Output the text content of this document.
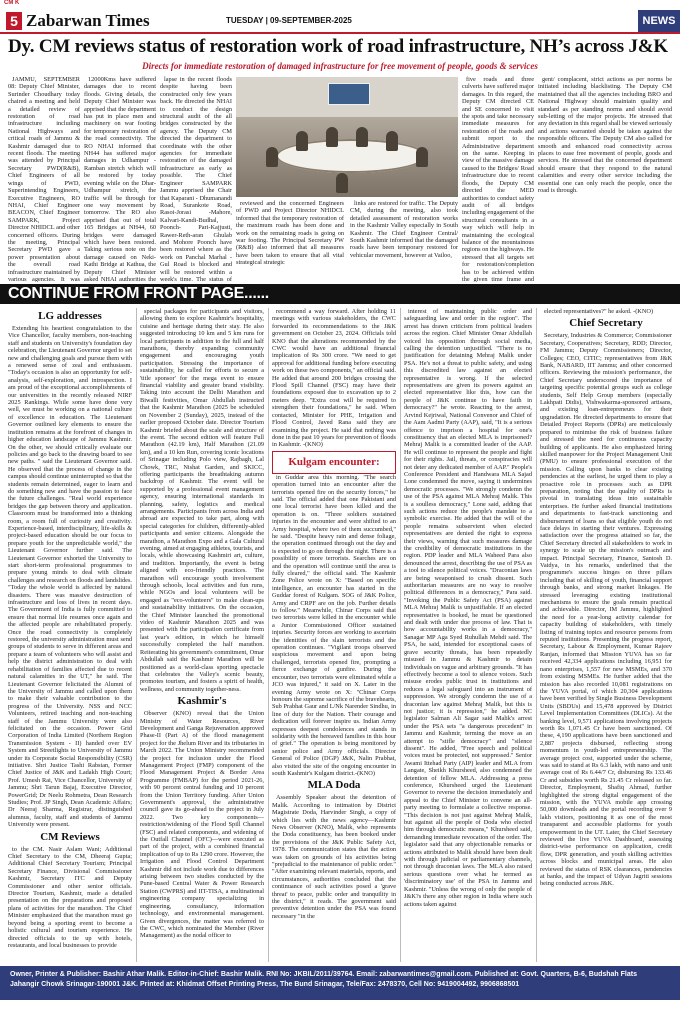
CM K
5 Zabarwan Times	TUESDAY | 09-SEPTEMBER-2025	NEWS
Dy. CM reviews status of restoration work of road infrastructure, NH’s across J&K
Directs for immediate restoration of damaged infrastructure for free movement of people, goods & services

JAMMU, SEPTEMBER 08: Deputy Chief Minister, Surinder Choudhary today chaired a meeting and held a detailed review of restoration of road infrastructure including National Highways and critical roads of Jammu & Kashmir damaged due to recent floods. The meeting was attended by Principal Secretary PWD(R&B), Chief Engineers of all wings of PWD, Superintending Engineers, Executive Engineers, RO NHAI, Chief Engineer BEACON, Chief Engineer SAMPARK, Project Director NHIDCL and other concerned officers. During the meeting, Principal Secretary PWD gave a power presentation about the overall road infrastructure maintained by various agencies. It was

12000Kms have suffered damages due to recent floods. Giving details, the Deputy Chief Minister was apprised that the department has put in place men and machinery on war footing for temporary restoration of the road connectivity. The RO NHAI informed that NH44 has suffered major damages in Udhampur - Ramban stretch which will be restored by today evening while on the Dhar- Udhampur stretch, the traffic will be through for one way movement by tomorrow. The RO also apprised that out of total 165 Bridges at NH44, 60 bridges were damaged which have been restored. Taking serious note on the damage caused on Neki-Kathi Bridge at Kathua, the Deputy Chief Minister asked NHAI authorities the

lapse in the recent floods despite having been constructed only few years back. He directed the NHAI to conduct the design structural audit of the all bridges constructed by the agency. The Deputy CM directed the department to coordinate with the other agencies for immediate restoration of the damaged infrastructure as early as possible. The Chief Engineer SAMPARK Jammu apprised the Chair that Kaparani - Dhumanandi Road, Surankote Road, Rasoi-Jorasi -Mahore, Kalvari-Kandi-Budhal, Poonch- Pari-Kajjusti, Rawer-Reth-aran Ghulab and Mohore Poonch have been restored where as the work on Panchal Marhal - Gul Road is blocked and will be restored within a week's time. The status of

reviewed and the concerned Engineers of PWD and Project Director NHIDCL informed that the temporary restoration of the maximum roads has been done and work on the remaining roads is going on war footing. The Principal Secretary PW (R&B) also informed that all measures have been taken to ensure that all vital strategical strategic

links are restored for traffic. The Deputy CM, during the meeting, also took detailed assessment of restoration works in the Kashmir Valley especially in South Kashmir. The Chief Engineer Central/ South Kashmir informed that the damaged roads have been temporary restored for vehicular movement, however at Vailoo,

five roads and three culverts have suffered major damages. In this regard, the Deputy CM directed CE and SE concerned to visit the spots and take necessary immediate measures for restoration of the roads and submit report to the Administrative department on the same. Keeping in view of the massive damage caused to the Bridges/ Road infrastructure due to recent floods, the Deputy CM directed the MED authorities to conduct safety audit of all bridges including engagement of the structural consultants in a way which will help in maintaining the ecological balance of the mountainous regions on the highways. He stressed that all targets set for restoration/completion has to be achieved within the given time frame and

gent/ complacent, strict actions as per norms be initiated including blacklisting. The Deputy CM maintained that all the agencies including BRO and National Highway should maintain quality and standard as per standing norms and should avoid sub-letting of the major projects. He stressed that any deviation in this regard shall be viewed seriously and actions warranted should be taken against the responsible officers. The Deputy CM also called for smooth and enhanced road connectivity across places to ease free movement of people, goods and services. He stressed that the concerned department should ensure that they respond to the natural calamities and every other service including the essential one can only reach the people, once the road is through.

CONTINUE FROM FRONT PAGE......
LG addresses

Extending his heartiest congratulation to the Vice Chancellor, faculty members, non-teaching staff and students on University's foundation day celebration, the Lieutenant Governor urged to set new and challenging goals and pursue them with a renewed sense of zeal and enthusiasm. "Today's occasion is also an opportunity for self-analysis, self-exploration, and introspection. I am proud of the exceptional accomplishments of our universities in the recently released NIRF 2025 Rankings. While some have done very well, we must be working on a national culture of excellence in education. The Lieutenant Governor outlined key elements to ensure the institution remains at the forefront of changes in higher education landscape of Jammu Kashmir. On the other, we should critically evaluate our policies and go back to the drawing board to see new paths. " said the Lieutenant Governor said. He observed that the process of change in the campus should continue uninterrupted so that the students remain determined, eager to learn and do something new and have the passion to face the future challenges. "Real world experience bridges the gap between theory and application. Classroom must be transformed into a thinking room, a room full of curiosity and creativity. Experience-based, interdisciplinary, life-skills & project-based education should be our focus to prepare youth for the unpredictable world," the Lieutenant Governor further said. The Lieutenant Governor exhorted the University to start short-term professional programmes to prepare young minds to deal with climate challenges and research on floods and landslides. "Today the whole world is affected by natural disasters. There was massive destruction of infrastructure and loss of lives in recent days. The Government of India is fully committed to ensure that normal life resumes once again and the affected people are rehabilitated properly. Once the road connectivity is completely restored, the university administration must send groups of students to serve in different areas and prepare a team of volunteers who will assist and help the district administration to deal with rehabilitation of families affected due to recent natural calamities in the UT," he said. The Lieutenant Governor felicitated the Alumni of the University of Jammu and called upon them to make their valuable contribution to the progress of the University. NSS and NCC Volunteers, retired teaching and non-teaching staff of the Jammu University were also felicitated on the occasion. Power Grid Corporation of India Limited (Northern Region Transmission System - II) handed over EV System and Streetlights to University of Jammu under its Corporate Social Responsibility (CSR) initiative. Shri Justice Tashi Rabstan, Former Chief Justice of J&K and Ladakh High Court; Prof. Umesh Rai, Vice Chancellor, University of Jammu; Shri Tarun Bajaj, Executive Director, PowerGrid; Dr Neelu Rohmetra, Dean Research Studies; Prof. JP Singh, Dean Academic Affairs; Dr Neeraj Sharma, Registrar, distinguished alumnus, faculty, staff and students of Jammu University were present.

CM Reviews

to the CM. Nasir Aslam Wani; Additional Chief Secretary to the CM, Dheeraj Gupta; Additional Chief Secretary Tourism; Principal Secretary Finance, Divisional Commissioner Kashmir, Secretary ITC and Deputy Commissioner and other senior officials. Director Tourism, Kashmir, made a detailed presentation on the preparations and proposed plans of activities for the marathon. The Chief Minister emphasized that the marathon must go beyond being a sporting event to become a holistic cultural and tourism experience. He directed officials to tie up with hotels, restaurants, and local businesses to provide

special packages for participants and visitors, allowing them to explore Kashmir's hospitality, cuisine and heritage during their stay. He also suggested introducing 10 km and 5 km runs for local participants in addition to the full and half marathons, thereby expanding community engagement and encouraging youth participation. Stressing the importance of sustainability, he called for efforts to secure a 'title sponsor' for the mega event to ensure financial viability and greater brand visibility. Taking into account the Delhi Marathon and Biwalli festivities, Omar Abdullah instructed that the Kashmir Marathon (2025 be scheduled on November 2 (Sunday), 2025, instead of the earlier proposed October date. Director Tourism Kashmir briefed about the scale and structure of the event. The second edition will feature Full Marathon (42.19 km), Half Marathon (21.09 km), and a 10 km Run, covering iconic locations of Srinagar including Polo view, Rajbagh, Lal Chowk, TRC, Nishat Garden, and SKICC, offering participants the breathtaking autumn backdrop of Kashmir. The event will be supported by a professional event management agency, ensuring international standards in planning, safety, logistics and medical arrangements. Participants from across India and abroad are expected to take part, along with special categories for children, differently-abled participants and senior citizens. Alongside the marathon, a Marathon Expo and a Gala Cultural evening, aimed at engaging athletes, tourists, and locals, while showcasing Kashmiri art, culture, and tradition. Importantly, the event is being aligned with eco-friendly practices. The marathon will encourage youth involvement through schools, local activities and fun runs, while NGOs and local volunteers will be engaged as "eco-volunteers" to make clean-ups and sustainability initiatives. On the occasion, the Chief Minister launched the promotional video of Kashmir Marathon 2025 and was presented with the participation certificate from last year's edition, in which he himself successfully completed the half marathon. Reiterating his government's commitment, Omar Abdullah said the Kashmir Marathon will be positioned as a world-class sporting spectacle that celebrates the Valley's scenic beauty, promotes tourism, and fosters a spirit of health, wellness, and community together-ness.

Kashmir's

Observer (KNO) reveal that the Union Ministry of Water Resources, River Development and Ganga Rejuvenation approved Phase-II (Part A) of the flood management project for the Jhelum River and its tributaries in March 2022. The Union Ministry recommended the project for inclusion under the Flood Management Project (FMP) component of the Flood Management Project & Border Area Programme (FMBAP) for the period 2021-26, with 90 percent central funding and 10 percent from the Union Territory funding. After Union Government's approval, the administrative council gave its go-ahead to the project in July 2022. Two key components—restriction/widening of the Flood Spill Channel (FSC) and related components, and widening of the Outfall Channel (OFC)—were executed as part of the project, with a combined financial implication of up to Rs 1290 crore. However, the Irrigation and Flood Control Department Kashmir did not include work due to differences arising between two studies conducted by the Pune-based Central Water & Power Research Station (CWPRS) and IIT-TISA, a multinational engineering company specializing in engineering, consultancy, information technology, and environmental management. Given divergences, the matter was referred to the CWC, which nominated the Member (River Management) as the nodal officer to

recommend a way forward. After holding 11 meetings with various stakeholders, the CWC forwarded its recommendations to the J&K government on October 23, 2024. Officials told KNO that the alterations recommended by the CWC would have an additional financial implication of Rs 300 crore. "We need to get approval for additional funding before executing work on these two components," an official said. He added that around 200 bridges crossing the Flood Spill Channel (FSC) may have their foundations exposed due to excavation up to 2 meters deep. "Extra cost will be required to strengthen their foundations," he said. When contacted, Minister for PHE, Irrigation and Flood Control, Javed Rana said they are examining the project. He said that nothing was done in the past 10 years for prevention of floods in Kashmir. -(KNO)

Kulgam encounter:

in Guddar area this morning. "The search operation turned into an encounter after the terrorists opened fire on the security forces," he said. The official added that one Pakistani and one local terrorist have been killed and the operation is on. "Three soldiers sustained injuries in the encounter and were shifted to an Army hospital, where two of them succumbed," he said. "Despite heavy rain and dense foliage, the operation continued through out the day and is expected to go on through the night. There is a possibility of more terrorists. Searches are on and the operation will continue until the area is fully cleared," the official said. The Kashmir Zone Police wrote on X: "Based on specific intelligence, an encounter has started in the Guddar forest of Kulgam. SOG of J&K Police, Army and CRPF are on the job. Further details to follow." Meanwhile, Chinar Corps said that two terrorists were killed in the encounter while a Junior Commissioned Officer sustained injuries. Security forces are working to ascertain the identities of the slain terrorists and the operation continues. "Vigilant troops observed suspicious movement and upon being challenged, terrorists opened fire, prompting a fierce exchange of gunfire. During the encounter, two terrorists were eliminated while a JCO was injured," it said on X. Later in the evening Army wrote on X: "Chinar Corps honours the supreme sacrifice of the bravehearts, Sub Prabhat Gaur and L/Nk Narender Sindhu, in line of duty for the Nation. Their courage and dedication will forever inspire us. Indian Army expresses deepest condolences and stands in solidarity with the bereaved families in this hour of grief." The operation is being monitored by senior police and Army officials. Director General of Police (DGP) J&K, Nalin Prabhat, also visited the site of the ongoing encounter in south Kashmir's Kulgam district.-(KNO)

MLA Doda

Assembly Speaker about the detention of Malik. According to intimation by District Magistrate Doda, Harvinder Singh, a copy of which lies with the news agency—Kashmir News Observer (KNO), Malik, who represents the Doda constituency, has been booked under the provisions of the J&K Public Safety Act, 1978. The communication states that the action was taken on grounds of his activities being "prejudicial to the maintenance of public order." "After examining relevant materials, reports, and circumstances, authorities concluded that the continuance of such activities posed a 'grave threat' to peace, public order and tranquility in the district," it reads. The government said preventive detention under the PSA was found necessary "in the

interest of maintaining public order and safeguarding law and order in the region". The arrest has drawn criticism from political leaders across the region. Chief Minister Omar Abdullah voiced his opposition through social media, calling the detention unjustified. "There is no justification for detaining Mehraj Malik under PSA. He's not a threat to public safety, and using this discredited law against an elected representative is wrong. If the selected representatives are given its powers against an elected representative like this, how can the people of J&K continue to have faith in democracy?" he wrote. Reacting to the arrest, Arvind Kejriwal, National Convenor and Chief of the Aam Aadmi Party (AAP), said, "It is a serious offence to imprison a hospital for one's constituency that an elected MLA is imprisoned? Mehraj Malik is a committed leader of the AAP. He will continue to represent the people and fight for their rights. Jail, threats, or conspiracies will not deter any dedicated member of AAP." People's Conference President and Handwara MLA Sajad Lone condemned the move, saying it undermines democratic processes. "We strongly condemn the use of the PSA against MLA Mehraj Malik. This is a soulless democracy," Lone said, adding that such actions reduce the people's mandate to a symbolic exercise. He added that the will of the people remains subservient when elected representatives are denied the right to express their views, warning that such measures damage the credibility of democratic institutions in the region. PDP leader and MLA Waheed Para also denounced the arrest, describing the use of PSA as a tool to silence political voices. "Draconian laws are being weaponised to crush dissent. Such authoritarian measures are no way to resolve political differences in a democracy," Para said. "Invoking the Public Safety Act (PSA) against MLA Mehraj Malik is unjustifiable. If an elected representative is booked, he must be questioned and dealt with under due process of law. That is how accountability works in a democracy," Sanagar MP Aga Syed Ruhullah Mehdi said. The PSA, he said, intended for exceptional cases of grave security threats, has been repeatedly misused in Jammu & Kashmir to detain individuals on vague and arbitrary grounds. "It has effectively become a tool to silence voices. Such misuse erodes public trust in institutions and reduces a legal safeguard into an instrument of suppression. We strongly condemn the use of a draconian law against Mehraj Malik, but this is not justice; it is repression," he added. NC legislator Salman Ali Sagar said Malik's arrest under the PSA sets "a dangerous precedent" in Jammu and Kashmir, terming the move as an attempt to "stifle democracy" and "silence dissent". He added, "Free speech and political voices must be protected, not suppressed." Senior Awami Ittehad Party (AIP) leader and MLA from Langate, Sheikh Khursheed, also condemned the detention of fellow MLA. Addressing a press conference, Khursheed urged the Lieutenant Governor to reverse the decision immediately and appeal to the Chief Minister to convene an all-party meeting to formulate a collective response. "This decision is not just against Mehraj Malik, but against all the people of Doda who elected him through democratic means," Khursheed said, demanding immediate revocation of the order. The legislator said that any objectionable remarks or actions attributed to Malik should have been dealt with through judicial or parliamentary channels, not through draconian laws. The MLA also raised serious questions over what he termed as 'discriminatory use' of the PSA in Jammu and Kashmir. "Unless the wrong of only the people of J&K?s there any other region in India where such actions taken against

elected representatives?" he asked. -(KNO)

Chief Secretary

Secretary, Industries & Commerce; Commissioner Secretary, Cooperatives; Secretary, RDD; Director, FM Jammu; Deputy Commissioners; Director, Colleges; CEO, CITIC; representatives from J&K Bank, NABARD, IIT Jammu; and other concerned officers. Reviewing the mission's performance, the Chief Secretary underscored the importance of targeting specific potential groups such as college students, Self Help Group members (especially Lakhpati Didis), Vishwakarma-sponsored artisans, and existing loan-entrepreneurs for their upgradation. He directed departments to ensure that Detailed Project Reports (DPRs) are meticulously prepared to minimise the risk of business failure and stressed the need for continuous capacity building of applicants. He also emphasized hiring skilled manpower for the Project Management Unit (PMU) to ensure professional execution of the mission. Calling upon banks to clear existing pendencies at the earliest, he urged them to play a proactive role in processes such as DPR preparation, noting that the quality of DPRs is pivotal in translating ideas into sustainable enterprises. He further asked financial institutions and departments to fast-track sanctioning and disbursement of loans so that eligible youth do not face delays in starting their ventures. Expressing satisfaction over the progress attained so far, the Chief Secretary directed all stakeholders to work in synergy to scale up the mission's outreach and impact. Principal Secretary, Finance, Santosh D. Vaidya, in his remarks, underlined that the programme's success hinges on three pillars including that of skilling of youth, financial support through banks, and strong market linkages. He stressed leveraging existing institutional mechanisms to ensure the goals remain practical and achievable. Director, IM Jammu, highlighted the need for a year-long activity calendar for capacity building of stakeholders, with timely listing of training topics and resource persons from reputed institutions. Presenting the progress report, Secretary, Labour & Employment, Kumar Rajeev Ranjan, informed that Mission YUVA has so far received 42,334 applications including 16,951 for nano enterprises, 1,557 for new MSMEs, and 370 from existing MSMEs. He further added that the mission has also recorded 10,081 registrations on the YUVA portal, of which 20,304 applications have been verified by Single Business Development Units (SBDUs) and 15,478 approved by District Level Implementation Committees (DLICs). At the banking level, 9,571 applications involving projects worth Rs 1,071.45 Cr have been sanctioned. Of these, 4,190 applications have been sanctioned and 2,887 projects disbursed, reflecting strong momentum in youth-led entrepreneurship. The average project cost, supported under the scheme, was said to stand at Rs 6.3 lakh, with nano and unit average cost of Rs 6.44/7 Cr, disbursing Rs 133.46 Cr and subsidies worth Rs 21.45 Cr released so far. Director, Employment, Shafiq Ahmad, further highlighted the strong digital engagement of the mission, with the YUVA mobile app crossing 50,000 downloads and the portal recording over 9 lakh visitors, positioning it as one of the most transparent and accessible platforms for youth empowerment in the UT. Later, the Chief Secretary reviewed the live YUVA Dashboard, assessing district-wise performance on application, credit flow, DPR generation, and youth skilling activities across blocks and municipal areas. He also reviewed the status of RSK clearances, pendencies at banks, and the impact of Udyan Jagriti sessions being conducted across J&K.

Owner, Printer & Publisher: Bashir Athar Malik. Editor-in-Chief: Bashir Malik. RNI No: JKBIL/2011/39764. Email: zabarwantimes@gmail.com. Published at: Govt. Quarters, B-6, Budshah Flats
Jahangir Chowk Srinagar-190001 J&K. Printed at: Khidmat Offset Printing Press, The Bund Srinagar, Tele/Fax: 2478370, Cell No: 9419004492, 9906868501
